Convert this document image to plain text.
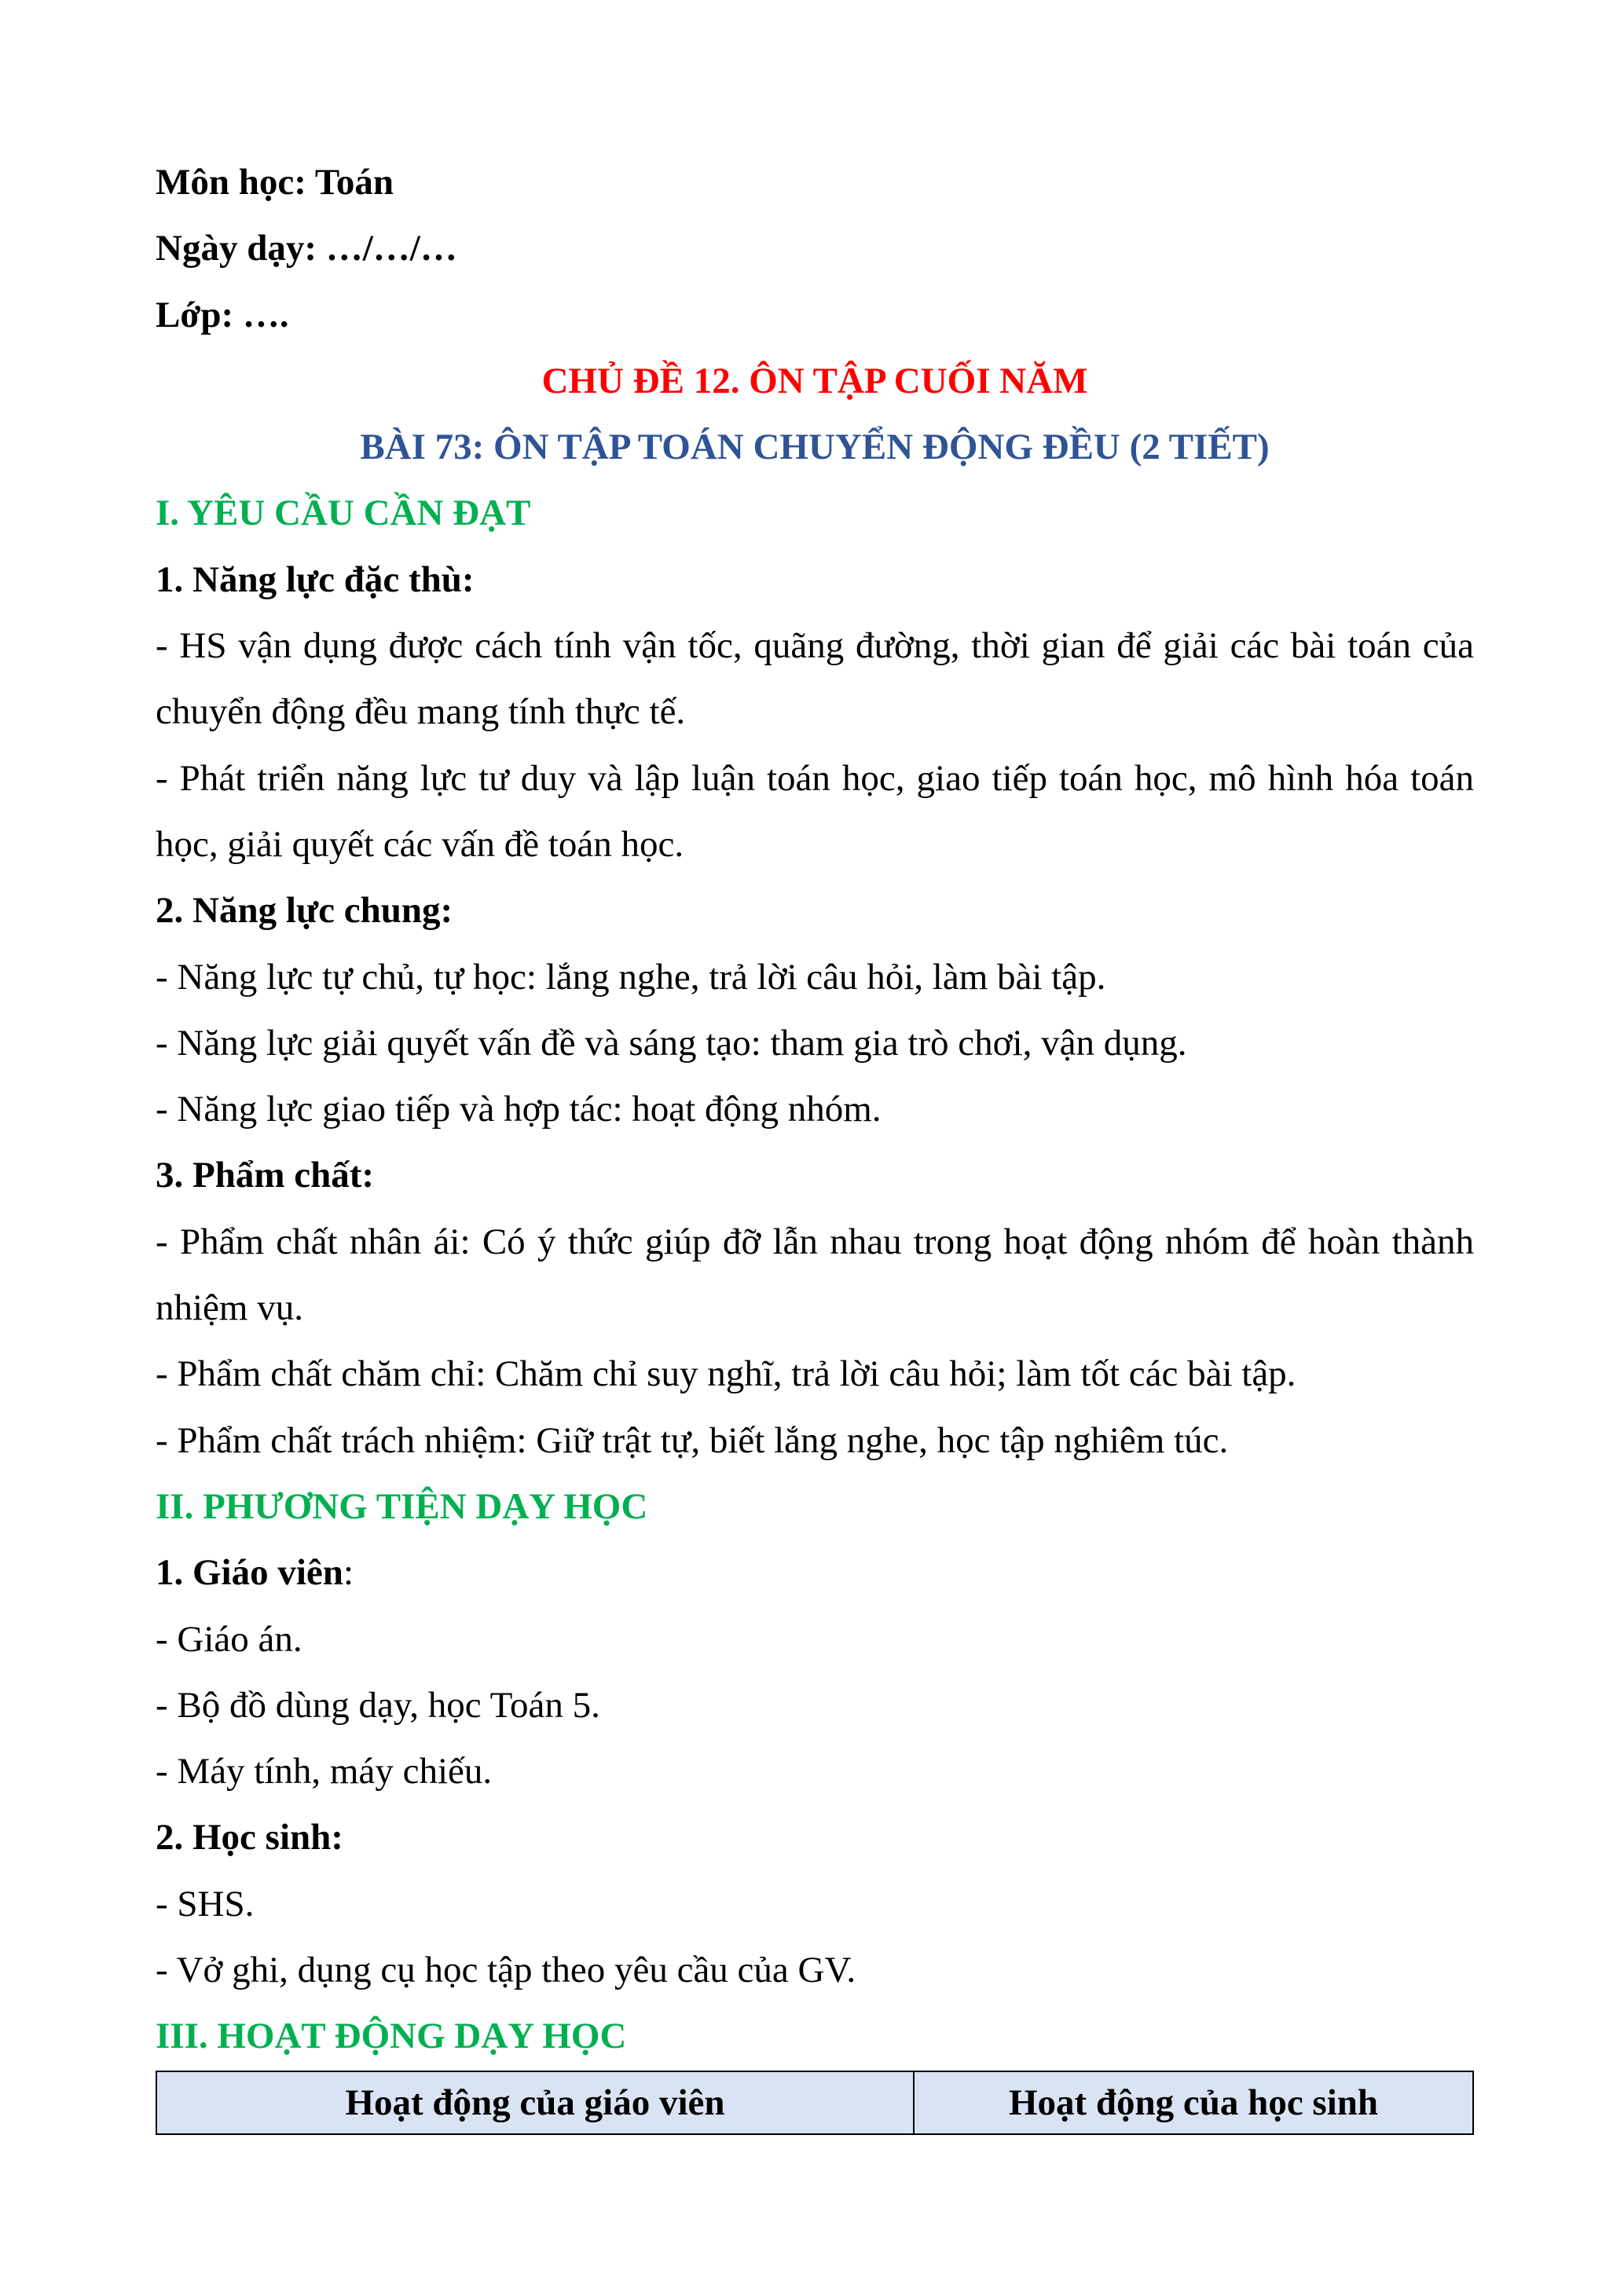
Môn học: Toán
Ngày dạy: …/…/…
Lớp: ….
CHỦ ĐỀ 12. ÔN TẬP CUỐI NĂM
BÀI 73: ÔN TẬP TOÁN CHUYỂN ĐỘNG ĐỀU (2 TIẾT)
I. YÊU CẦU CẦN ĐẠT
1. Năng lực đặc thù:
- HS vận dụng được cách tính vận tốc, quãng đường, thời gian để giải các bài toán của chuyển động đều mang tính thực tế.
- Phát triển năng lực tư duy và lập luận toán học, giao tiếp toán học, mô hình hóa toán học, giải quyết các vấn đề toán học.
2. Năng lực chung:
- Năng lực tự chủ, tự học: lắng nghe, trả lời câu hỏi, làm bài tập.
- Năng lực giải quyết vấn đề và sáng tạo: tham gia trò chơi, vận dụng.
- Năng lực giao tiếp và hợp tác: hoạt động nhóm.
3. Phẩm chất:
- Phẩm chất nhân ái: Có ý thức giúp đỡ lẫn nhau trong hoạt động nhóm để hoàn thành nhiệm vụ.
- Phẩm chất chăm chỉ: Chăm chỉ suy nghĩ, trả lời câu hỏi; làm tốt các bài tập.
- Phẩm chất trách nhiệm: Giữ trật tự, biết lắng nghe, học tập nghiêm túc.
II. PHƯƠNG TIỆN DẠY HỌC
1. Giáo viên:
- Giáo án.
- Bộ đồ dùng dạy, học Toán 5.
- Máy tính, máy chiếu.
2. Học sinh:
- SHS.
- Vở ghi, dụng cụ học tập theo yêu cầu của GV.
III. HOẠT ĐỘNG DẠY HỌC
Hoạt động của giáo viên	Hoạt động của học sinh
